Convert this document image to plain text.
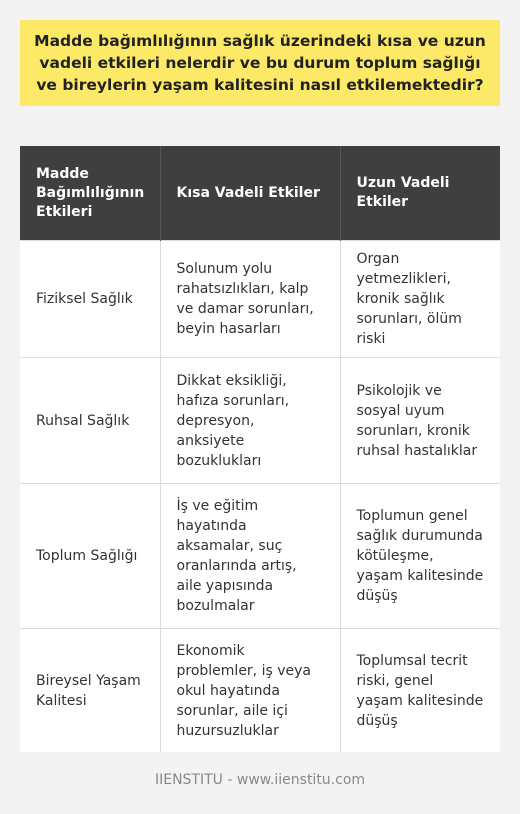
Madde bağımlılığının sağlık üzerindeki kısa ve uzun vadeli etkileri nelerdir ve bu durum toplum sağlığı ve bireylerin yaşam kalitesini nasıl etkilemektedir?
Madde Bağımlılığının Etkileri	Kısa Vadeli Etkiler	Uzun Vadeli Etkiler
Fiziksel Sağlık	Solunum yolu rahatsızlıkları, kalp ve damar sorunları, beyin hasarları	Organ yetmezlikleri, kronik sağlık sorunları, ölüm riski
Ruhsal Sağlık	Dikkat eksikliği, hafıza sorunları, depresyon, anksiyete bozuklukları	Psikolojik ve sosyal uyum sorunları, kronik ruhsal hastalıklar
Toplum Sağlığı	İş ve eğitim hayatında aksamalar, suç oranlarında artış, aile yapısında bozulmalar	Toplumun genel sağlık durumunda kötüleşme, yaşam kalitesinde düşüş
Bireysel Yaşam Kalitesi	Ekonomik problemler, iş veya okul hayatında sorunlar, aile içi huzursuzluklar	Toplumsal tecrit riski, genel yaşam kalitesinde düşüş
IIENSTITU - www.iienstitu.com
